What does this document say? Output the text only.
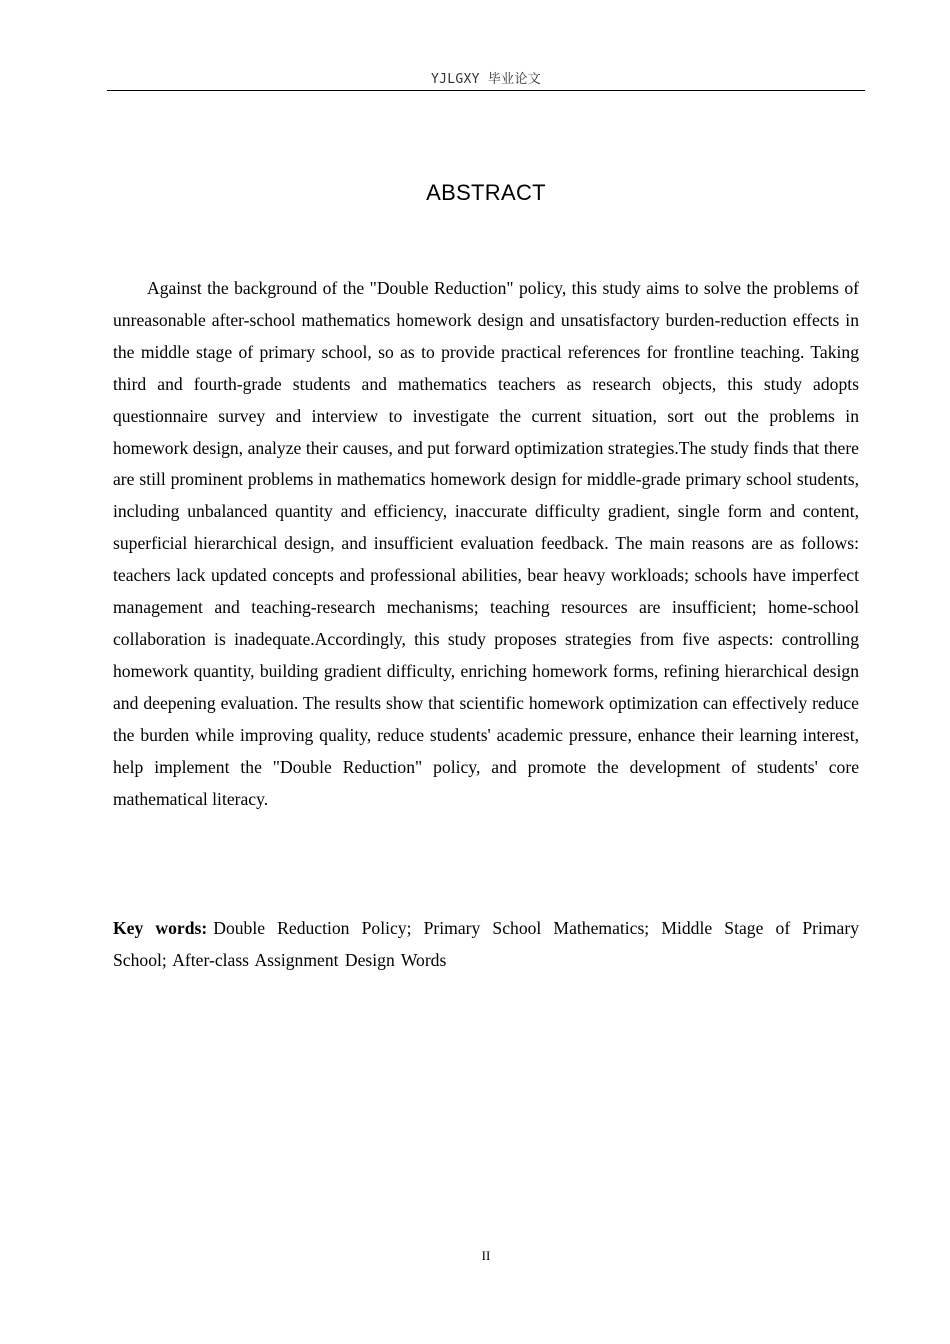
YJLGXY 毕业论文
ABSTRACT

Against the background of the "Double Reduction" policy, this study aims to solve the problems of unreasonable after-school mathematics homework design and unsatisfactory burden-reduction effects in the middle stage of primary school, so as to provide practical references for frontline teaching. Taking third and fourth-grade students and mathematics teachers as research objects, this study adopts questionnaire survey and interview to investigate the current situation, sort out the problems in homework design, analyze their causes, and put forward optimization strategies.The study finds that there are still prominent problems in mathematics homework design for middle-grade primary school students, including unbalanced quantity and efficiency, inaccurate difficulty gradient, single form and content, superficial hierarchical design, and insufficient evaluation feedback. The main reasons are as follows: teachers lack updated concepts and professional abilities, bear heavy workloads; schools have imperfect management and teaching-research mechanisms; teaching resources are insufficient; home-school collaboration is inadequate.Accordingly, this study proposes strategies from five aspects: controlling homework quantity, building gradient difficulty, enriching homework forms, refining hierarchical design and deepening evaluation. The results show that scientific homework optimization can effectively reduce the burden while improving quality, reduce students' academic pressure, enhance their learning interest, help implement the "Double Reduction" policy, and promote the development of students' core mathematical literacy.

Key words: Double Reduction Policy; Primary School Mathematics; Middle Stage of Primary School; After-class Assignment Design Words

II
